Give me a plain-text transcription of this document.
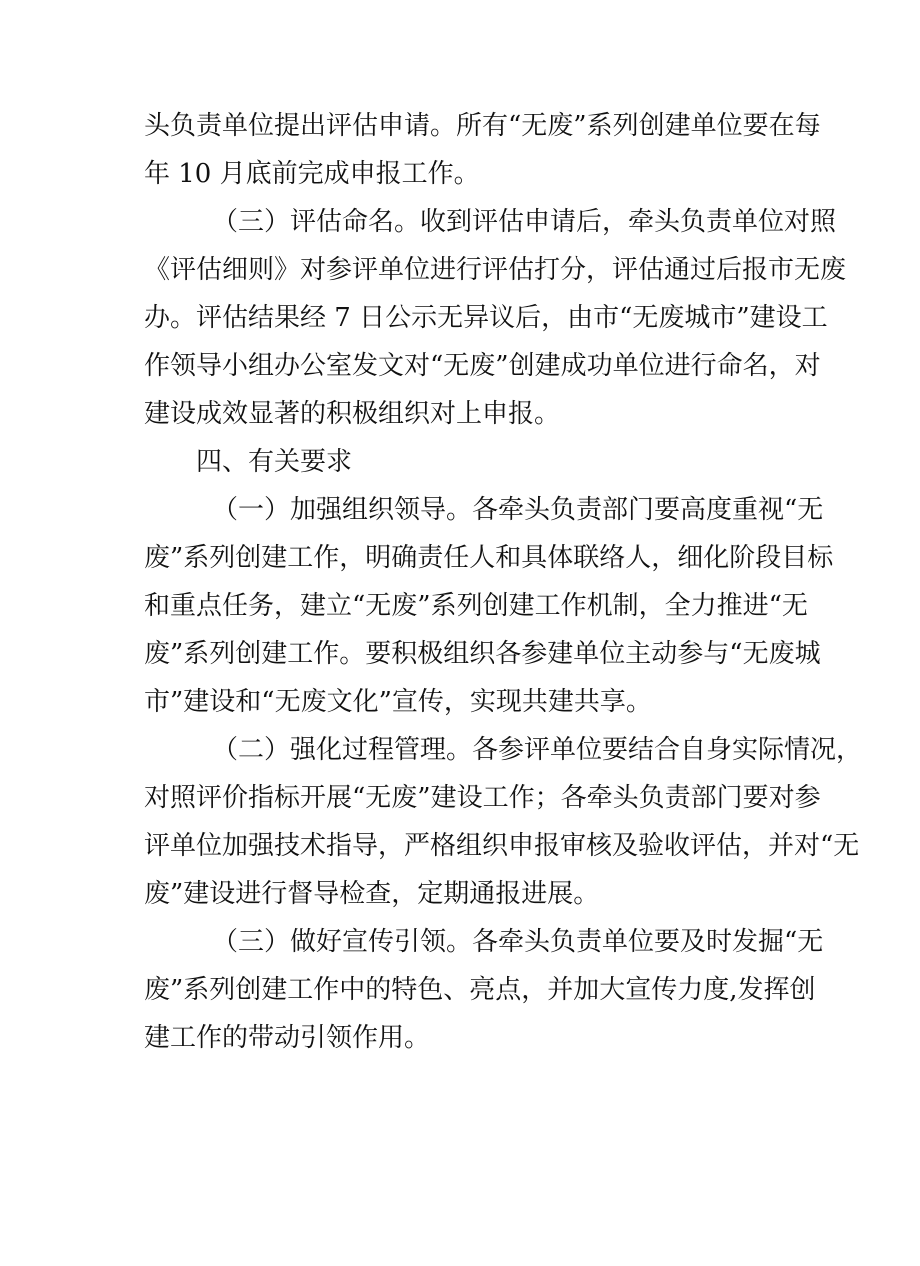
头负责单位提出评估申请。所有“无废”系列创建单位要在每
年 10 月底前完成申报工作。
（三）评估命名。收到评估申请后，牵头负责单位对照
《评估细则》对参评单位进行评估打分，评估通过后报市无废
办。评估结果经 7 日公示无异议后，由市“无废城市”建设工
作领导小组办公室发文对“无废”创建成功单位进行命名，对
建设成效显著的积极组织对上申报。
四、有关要求
（一）加强组织领导。各牵头负责部门要高度重视“无
废”系列创建工作，明确责任人和具体联络人，细化阶段目标
和重点任务，建立“无废”系列创建工作机制，全力推进“无
废”系列创建工作。要积极组织各参建单位主动参与“无废城
市”建设和“无废文化”宣传，实现共建共享。
（二）强化过程管理。各参评单位要结合自身实际情况，
对照评价指标开展“无废”建设工作；各牵头负责部门要对参
评单位加强技术指导，严格组织申报审核及验收评估，并对“无
废”建设进行督导检查，定期通报进展。
（三）做好宣传引领。各牵头负责单位要及时发掘“无
废”系列创建工作中的特色、亮点，并加大宣传力度,发挥创
建工作的带动引领作用。
